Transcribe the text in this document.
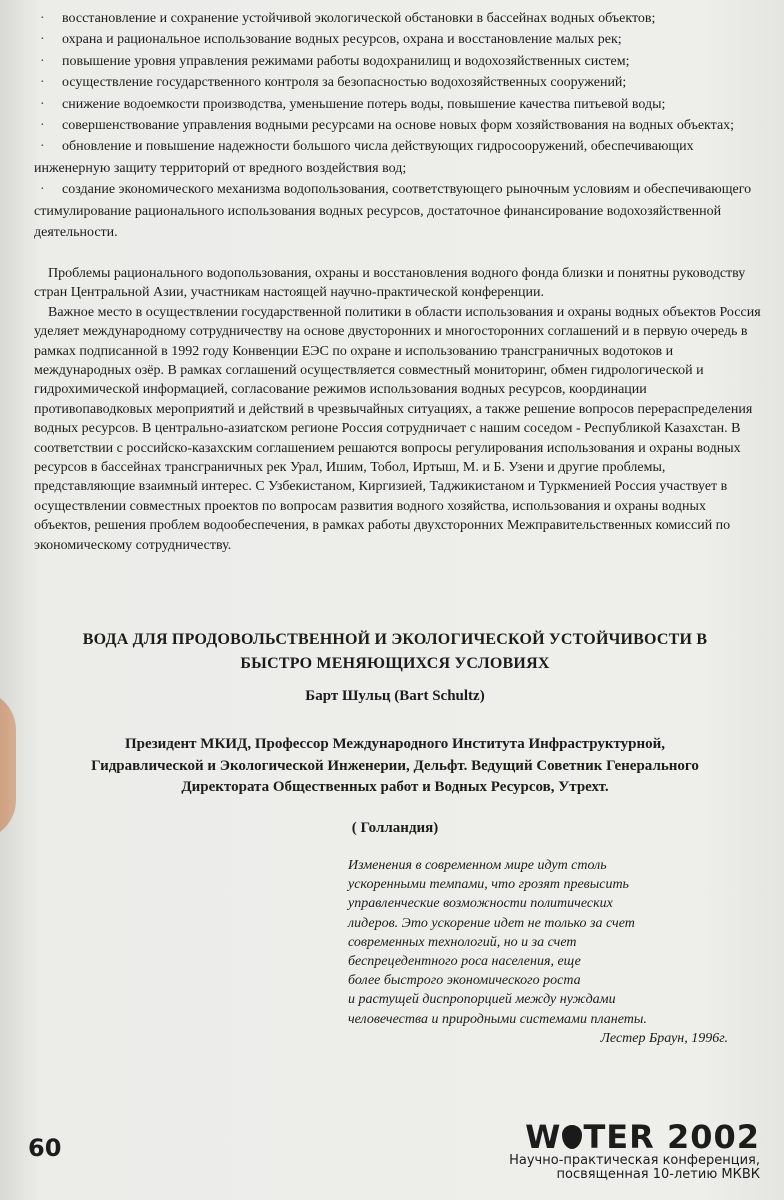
· восстановление и сохранение устойчивой экологической обстановки в бассейнах водных объектов;

· охрана и рациональное использование водных ресурсов, охрана и восстановление малых рек;

· повышение уровня управления режимами работы водохранилищ и водохозяйственных систем;

· осуществление государственного контроля за безопасностью водохозяйственных сооружений;

· снижение водоемкости производства, уменьшение потерь воды, повышение качества питьевой воды;

· совершенствование управления водными ресурсами на основе новых форм хозяйствования на водных объектах;

· обновление и повышение надежности большого числа действующих гидросооружений, обеспечивающих инженерную защиту территорий от вредного воздействия вод;

· создание экономического механизма водопользования, соответствующего рыночным условиям и обеспечивающего стимулирование рационального использования водных ресурсов, достаточное финансирование водохозяйственной деятельности.

Проблемы рационального водопользования, охраны и восстановления водного фонда близки и понятны руководству стран Центральной Азии, участникам настоящей научно-практической конференции.

Важное место в осуществлении государственной политики в области использования и охраны водных объектов Россия уделяет международному сотрудничеству на основе двусторонних и многосторонних соглашений и в первую очередь в рамках подписанной в 1992 году Конвенции ЕЭС по охране и использованию трансграничных водотоков и международных озёр. В рамках соглашений осуществляется совместный мониторинг, обмен гидрологической и гидрохимической информацией, согласование режимов использования водных ресурсов, координации противопаводковых мероприятий и действий в чрезвычайных ситуациях, а также решение вопросов перераспределения водных ресурсов. В центрально-азиатском регионе Россия сотрудничает с нашим соседом - Республикой Казахстан. В соответствии с российско-казахским соглашением решаются вопросы регулирования использования и охраны водных ресурсов в бассейнах трансграничных рек Урал, Ишим, Тобол, Иртыш, М. и Б. Узени и другие проблемы, представляющие взаимный интерес. С Узбекистаном, Киргизией, Таджикистаном и Туркменией Россия участвует в осуществлении совместных проектов по вопросам развития водного хозяйства, использования и охраны водных объектов, решения проблем водообеспечения, в рамках работы двухсторонних Межправительственных комиссий по экономическому сотрудничеству.

ВОДА ДЛЯ ПРОДОВОЛЬСТВЕННОЙ И ЭКОЛОГИЧЕСКОЙ УСТОЙЧИВОСТИ В
БЫСТРО МЕНЯЮЩИХСЯ УСЛОВИЯХ
Барт Шульц (Bart Schultz)
Президент МКИД, Профессор Международного Института Инфраструктурной,
Гидравлической и Экологической Инженерии, Дельфт. Ведущий Советник Генерального
Директората Общественных работ и Водных Ресурсов, Утрехт.
( Голландия)
Изменения в современном мире идут столь
ускоренными темпами, что грозят превысить
управленческие возможности политических
лидеров. Это ускорение идет не только за счет
современных технологий, но и за счет
беспрецедентного роса населения, еще
более быстрого экономического роста
и растущей диспропорцией между нуждами
человечества и природными системами планеты.
Лестер Браун, 1996г.
60	W TER 2002
Научно-практическая конференция,
посвященная 10-летию МКВК
